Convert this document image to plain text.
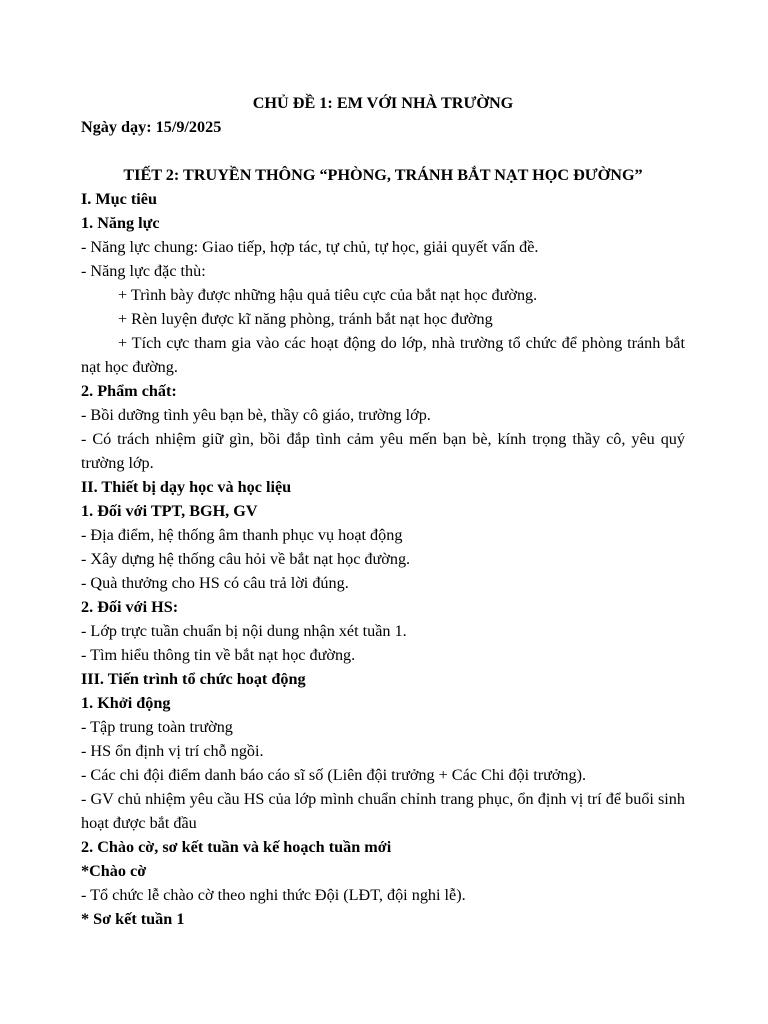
CHỦ ĐỀ 1: EM VỚI NHÀ TRƯỜNG
Ngày dạy: 15/9/2025
TIẾT 2: TRUYỀN THÔNG “PHÒNG, TRÁNH BẮT NẠT HỌC ĐƯỜNG”
I. Mục tiêu
1. Năng lực
- Năng lực chung: Giao tiếp, hợp tác, tự chủ, tự học, giải quyết vấn đề.
- Năng lực đặc thù:
+ Trình bày được những hậu quả tiêu cực của bắt nạt học đường.
+ Rèn luyện được kĩ năng phòng, tránh bắt nạt học đường
+ Tích cực tham gia vào các hoạt động do lớp, nhà trường tổ chức để phòng tránh bắt nạt học đường.
2. Phẩm chất:
- Bồi dưỡng tình yêu bạn bè, thầy cô giáo, trường lớp.
- Có trách nhiệm giữ gìn, bồi đắp tình cảm yêu mến bạn bè, kính trọng thầy cô, yêu quý trường lớp.
II. Thiết bị dạy học và học liệu
1. Đối với TPT, BGH, GV
- Địa điểm, hệ thống âm thanh phục vụ hoạt động
- Xây dựng hệ thống câu hỏi về bắt nạt học đường.
- Quà thưởng cho HS có câu trả lời đúng.
2. Đối với HS:
- Lớp trực tuần chuẩn bị nội dung nhận xét tuần 1.
- Tìm hiểu thông tin về bắt nạt học đường.
III. Tiến trình tổ chức hoạt động
1. Khởi động
- Tập trung toàn trường
- HS ổn định vị trí chỗ ngồi.
- Các chi đội điểm danh báo cáo sĩ số (Liên đội trưởng + Các Chi đội trưởng).
- GV chủ nhiệm yêu cầu HS của lớp mình chuẩn chỉnh trang phục, ổn định vị trí để buổi sinh hoạt được bắt đầu
2. Chào cờ, sơ kết tuần và kế hoạch tuần mới
*Chào cờ
- Tổ chức lễ chào cờ theo nghi thức Đội (LĐT, đội nghi lễ).
* Sơ kết tuần 1
